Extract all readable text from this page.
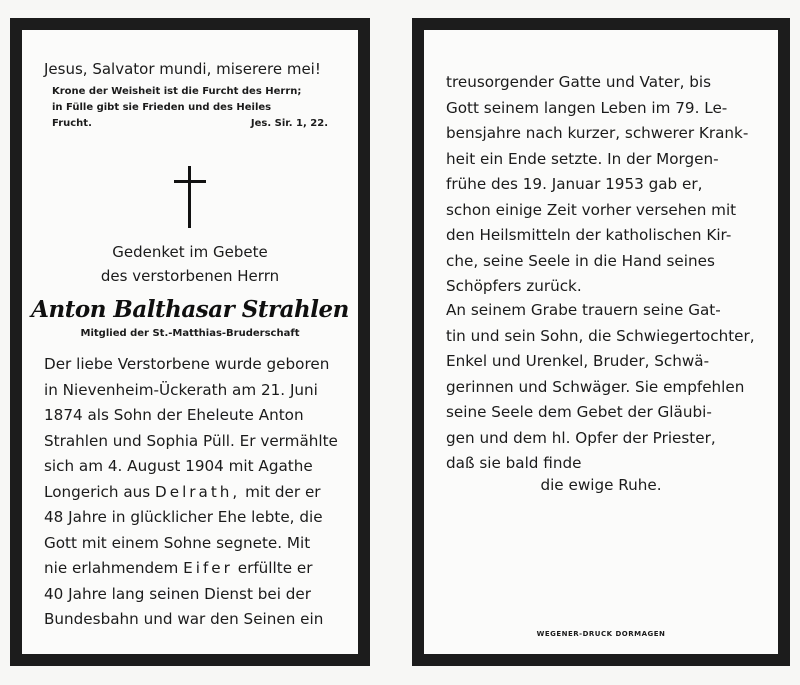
Jesus, Salvator mundi, miserere mei!
Krone der Weisheit ist die Furcht des Herrn;
in Fülle gibt sie Frieden und des Heiles
Frucht.	Jes. Sir. 1, 22.
Gedenket im Gebete
des verstorbenen Herrn
Anton Balthasar Strahlen
Mitglied der St.-Matthias-Bruderschaft
Der liebe Verstorbene wurde geboren
in Nievenheim-Ückerath am 21. Juni
1874 als Sohn der Eheleute Anton
Strahlen und Sophia Püll. Er vermählte
sich am 4. August 1904 mit Agathe
Longerich aus Delrath, mit der er
48 Jahre in glücklicher Ehe lebte, die
Gott mit einem Sohne segnete. Mit
nie erlahmendem Eifer erfüllte er
40 Jahre lang seinen Dienst bei der
Bundesbahn und war den Seinen ein
treusorgender Gatte und Vater, bis
Gott seinem langen Leben im 79. Le-
bensjahre nach kurzer, schwerer Krank-
heit ein Ende setzte. In der Morgen-
frühe des 19. Januar 1953 gab er,
schon einige Zeit vorher versehen mit
den Heilsmitteln der katholischen Kir-
che, seine Seele in die Hand seines
Schöpfers zurück.
An seinem Grabe trauern seine Gat-
tin und sein Sohn, die Schwiegertochter,
Enkel und Urenkel, Bruder, Schwä-
gerinnen und Schwäger. Sie empfehlen
seine Seele dem Gebet der Gläubi-
gen und dem hl. Opfer der Priester,
daß sie bald finde
die ewige Ruhe.
WEGENER-DRUCK DORMAGEN
